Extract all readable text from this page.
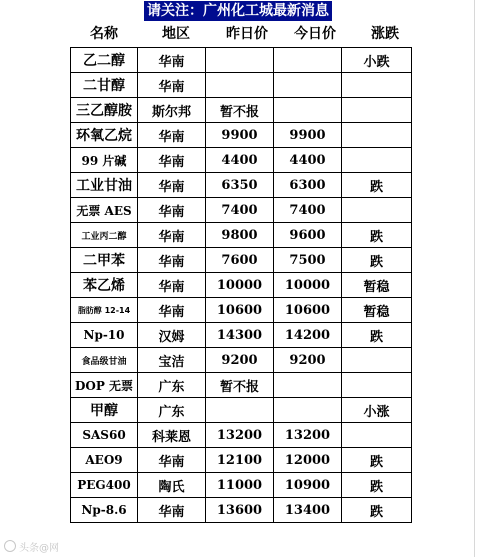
请关注：广州化工城最新消息
名称	地区	昨日价	今日价	涨跌
乙二醇	华南			小跌
二甘醇	华南			
三乙醇胺	斯尔邦	暂不报		
环氧乙烷	华南	9900	9900	
99 片碱	华南	4400	4400	
工业甘油	华南	6350	6300	跌
无票 AES	华南	7400	7400	
工业丙二醇	华南	9800	9600	跌
二甲苯	华南	7600	7500	跌
苯乙烯	华南	10000	10000	暂稳
脂肪醇 12-14	华南	10600	10600	暂稳
Np-10	汉姆	14300	14200	跌
食品级甘油	宝洁	9200	9200	
DOP 无票	广东	暂不报		
甲醇	广东			小涨
SAS60	科莱恩	13200	13200	
AEO9	华南	12100	12000	跌
PEG400	陶氏	11000	10900	跌
Np-8.6	华南	13600	13400	跌
头条@网
